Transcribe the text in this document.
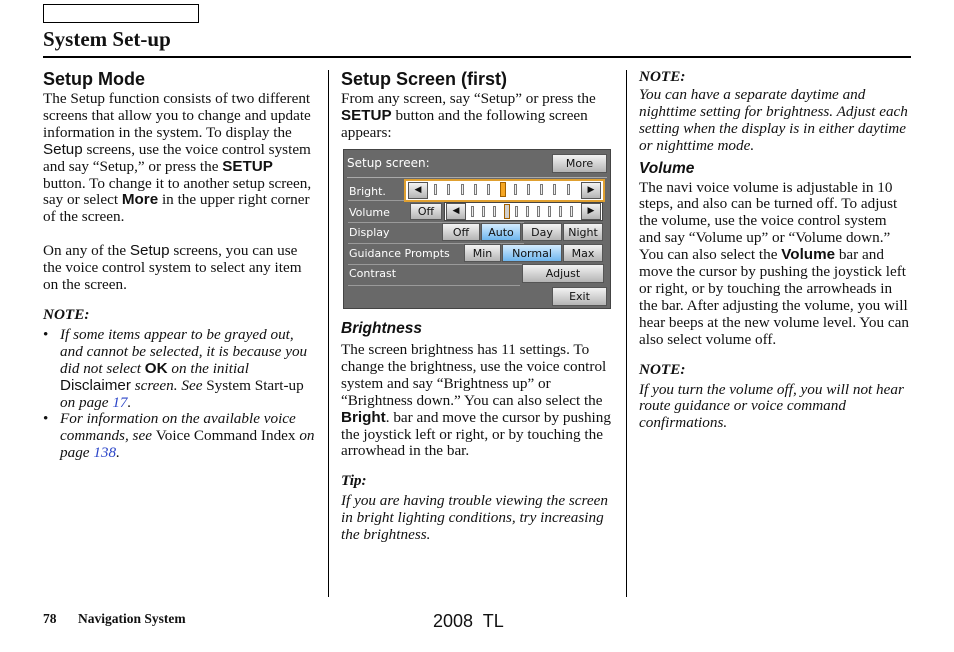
System Set-up
Setup Mode

The Setup function consists of two different screens that allow you to change and update information in the system. To display the Setup screens, use the voice control system and say “Setup,” or press the SETUP button. To change it to another setup screen, say or select More in the upper right corner of the screen.

On any of the Setup screens, you can use the voice control system to select any item on the screen.

NOTE:

• If some items appear to be grayed out, and cannot be selected, it is because you did not select OK on the initial Disclaimer screen. See System Start-up on page 17.
• For information on the available voice commands, see Voice Command Index on page 138.
Setup Screen (first)

From any screen, say “Setup” or press the SETUP button and the following screen appears:

Setup screen:	More
Bright.	◀	▶
Volume	Off	◀	▶
Display	Off	Auto	Day	Night
Guidance Prompts	Min	Normal	Max
Contrast	Adjust
Exit
Brightness

The screen brightness has 11 settings. To change the brightness, use the voice control system and say “Brightness up” or “Brightness down.” You can also select the Bright. bar and move the cursor by pushing the joystick left or right, or by touching the arrowhead in the bar.

Tip:

If you are having trouble viewing the screen in bright lighting conditions, try increasing the brightness.

NOTE:

You can have a separate daytime and nighttime setting for brightness. Adjust each setting when the display is in either daytime or nighttime mode.

Volume

The navi voice volume is adjustable in 10 steps, and also can be turned off. To adjust the volume, use the voice control system and say “Volume up” or “Volume down.” You can also select the Volume bar and move the cursor by pushing the joystick left or right, or by touching the arrowheads in the bar. After adjusting the volume, you will hear beeps at the new volume level. You can also select volume off.

NOTE:

If you turn the volume off, you will not hear route guidance or voice command confirmations.

78 Navigation System	2008  TL
